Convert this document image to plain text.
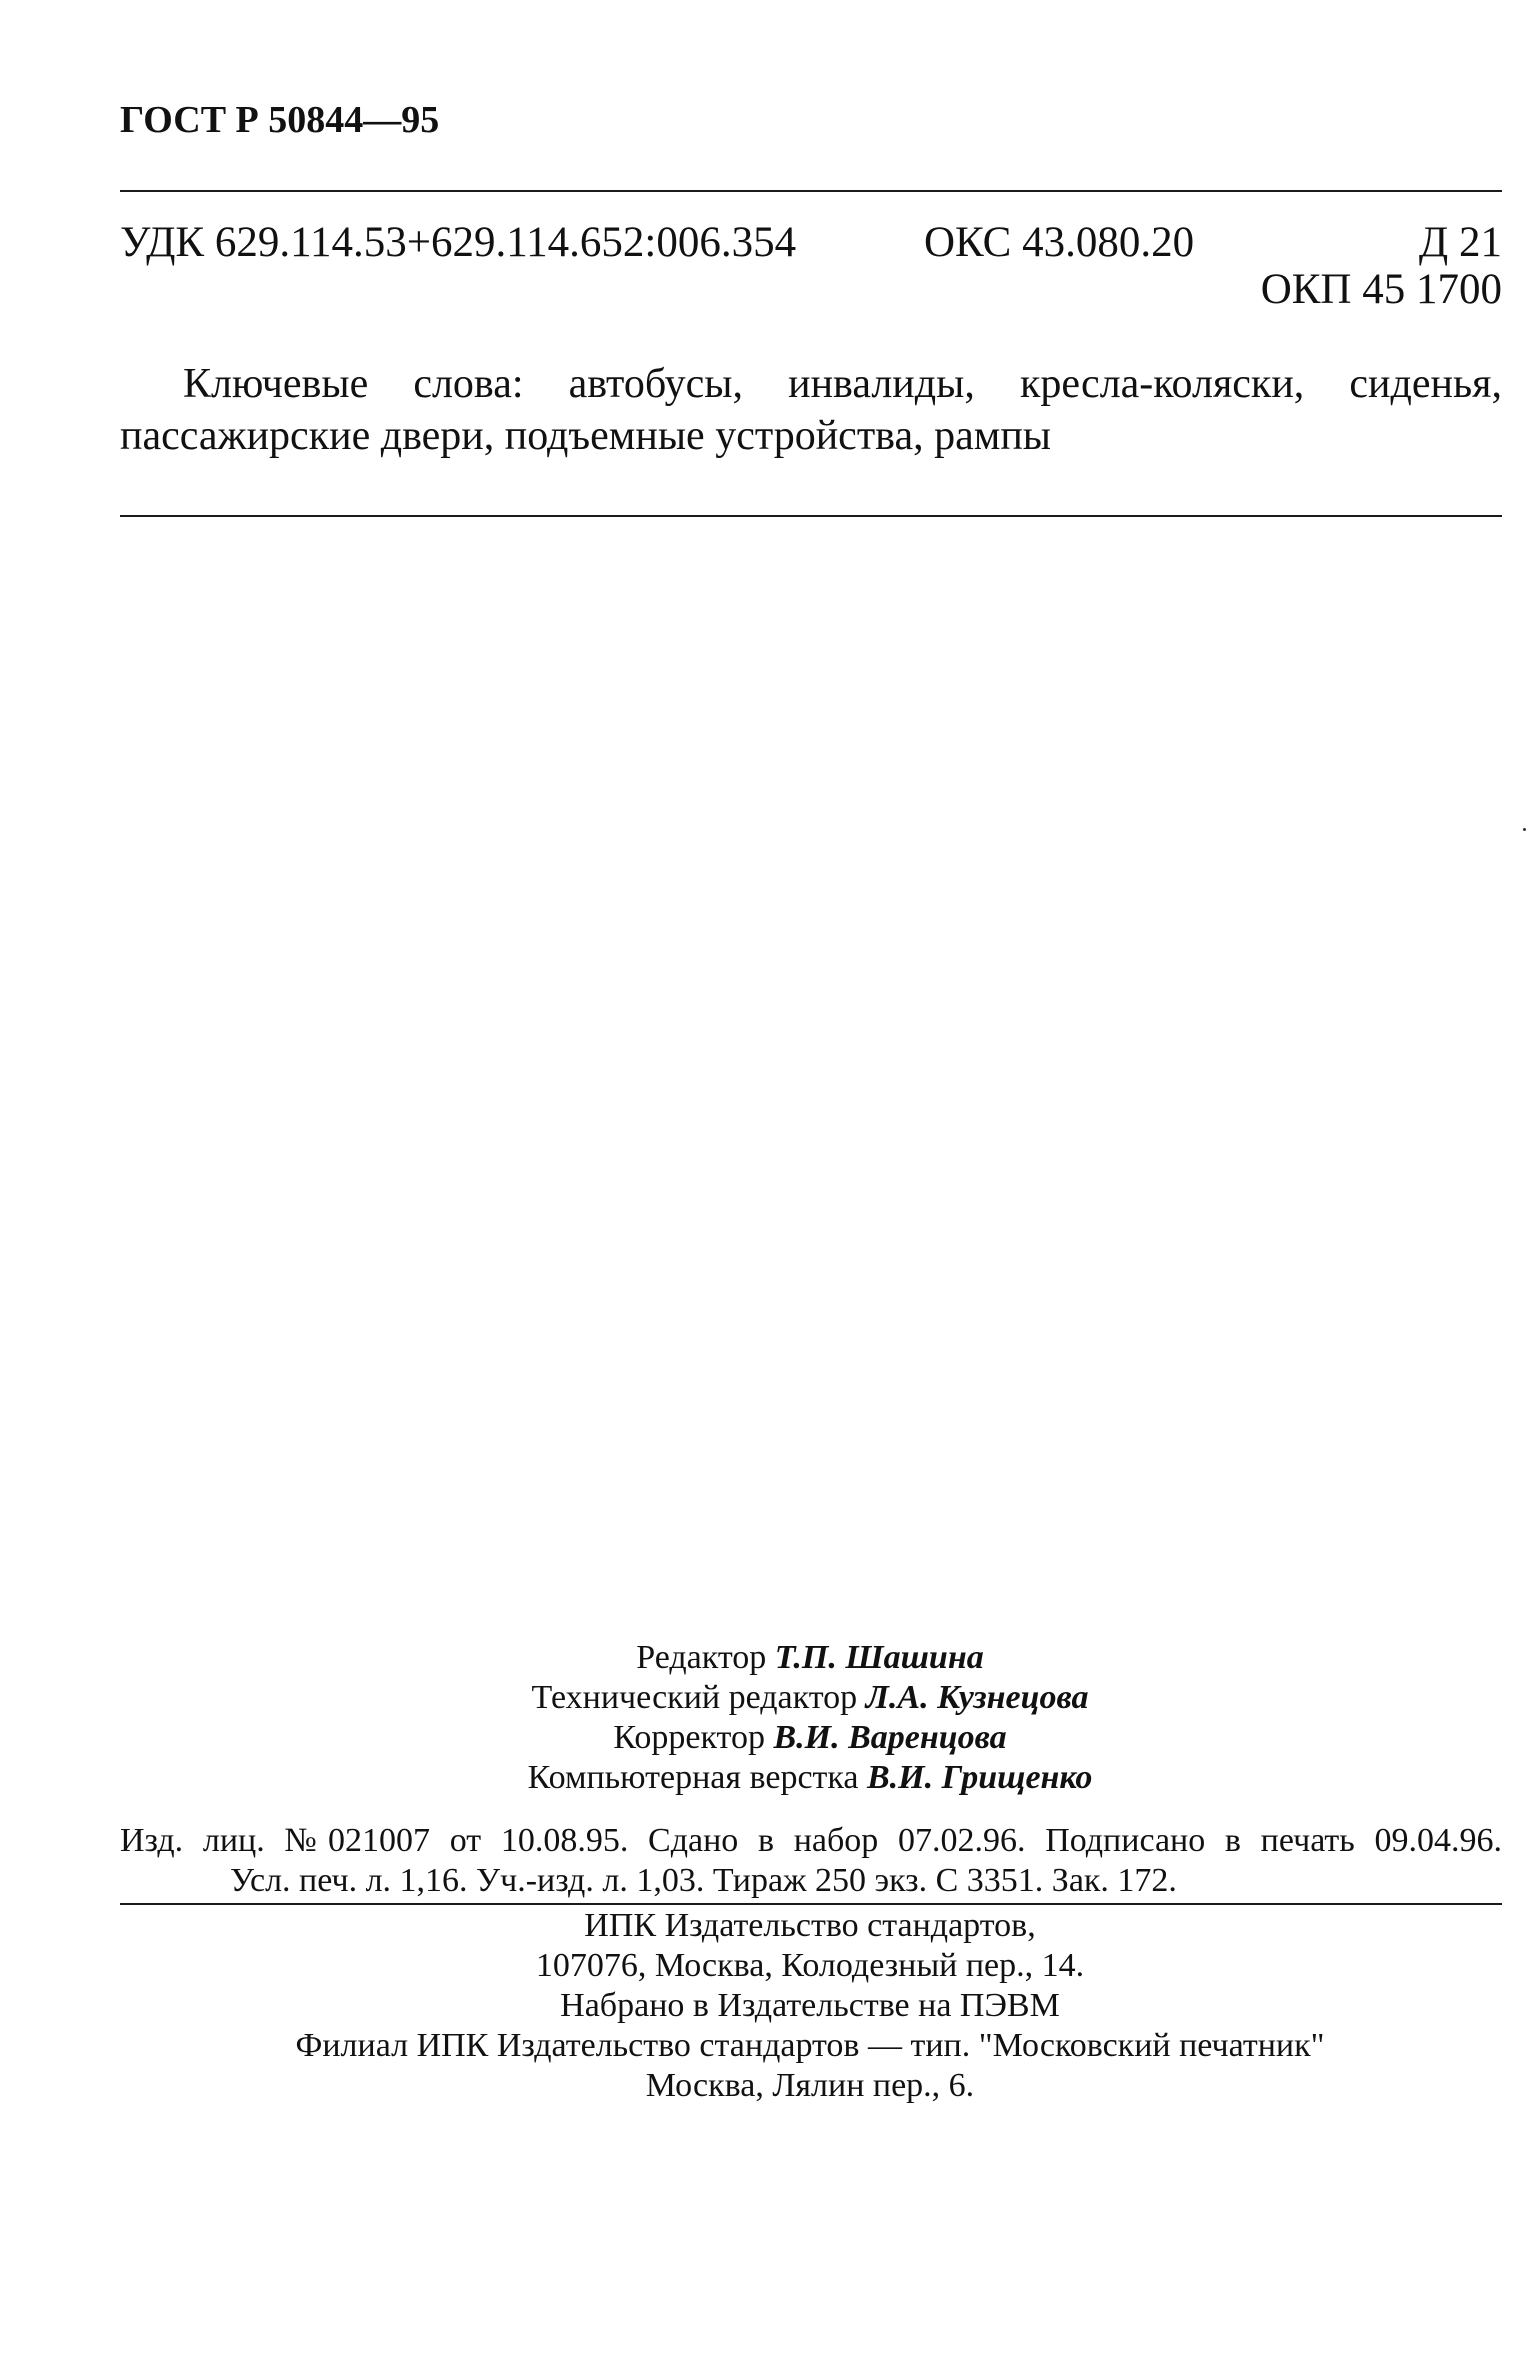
ГОСТ Р 50844—95
УДК 629.114.53+629.114.652:006.354	ОКС 43.080.20	Д 21
ОКП 45 1700
Ключевые слова: автобусы, инвалиды, кресла-коляски, сиденья,
пассажирские двери, подъемные устройства, рампы
Редактор Т.П. Шашина
Технический редактор Л.А. Кузнецова
Корректор В.И. Варенцова
Компьютерная верстка В.И. Грищенко
Изд. лиц. №021007 от 10.08.95. Сдано в набор 07.02.96. Подписано в печать 09.04.96.
Усл. печ. л. 1,16. Уч.-изд. л. 1,03. Тираж 250 экз. С 3351. Зак. 172.
ИПК Издательство стандартов,
107076, Москва, Колодезный пер., 14.
Набрано в Издательстве на ПЭВМ
Филиал ИПК Издательство стандартов — тип. "Московский печатник"
Москва, Лялин пер., 6.
